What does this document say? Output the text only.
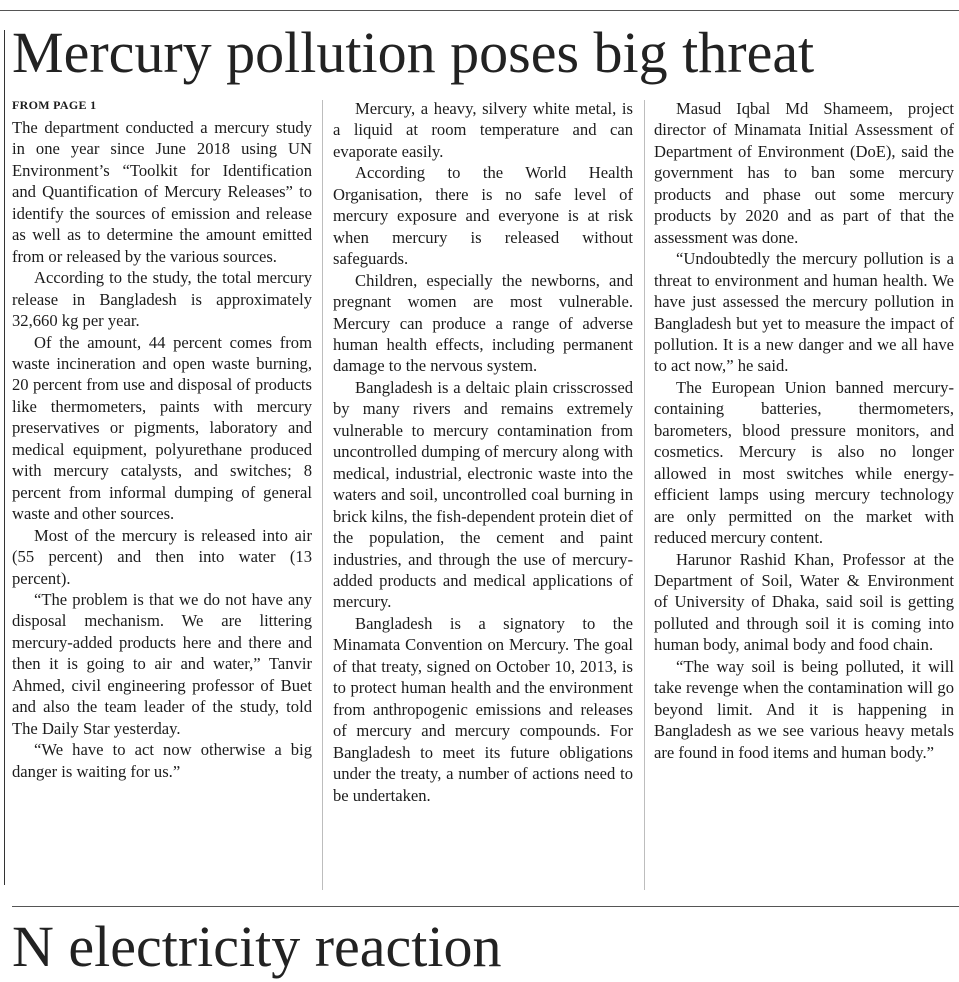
Mercury pollution poses big threat
FROM PAGE 1

The department conducted a mercury study in one year since June 2018 using UN Environment’s “Toolkit for Identification and Quantification of Mercury Releases” to identify the sources of emission and release as well as to determine the amount emitted from or released by the various sources.

According to the study, the total mercury release in Bangladesh is approximately 32,660 kg per year.

Of the amount, 44 percent comes from waste incineration and open waste burning, 20 percent from use and disposal of products like thermometers, paints with mercury preservatives or pigments, laboratory and medical equipment, polyurethane produced with mercury catalysts, and switches; 8 percent from informal dumping of general waste and other sources.

Most of the mercury is released into air (55 percent) and then into water (13 percent).

“The problem is that we do not have any disposal mechanism. We are littering mercury-added products here and there and then it is going to air and water,” Tanvir Ahmed, civil engineering professor of Buet and also the team leader of the study, told The Daily Star yesterday.

“We have to act now otherwise a big danger is waiting for us.”

Mercury, a heavy, silvery white metal, is a liquid at room temperature and can evaporate easily.

According to the World Health Organisation, there is no safe level of mercury exposure and everyone is at risk when mercury is released without safeguards.

Children, especially the newborns, and pregnant women are most vulnerable. Mercury can produce a range of adverse human health effects, including permanent damage to the nervous system.

Bangladesh is a deltaic plain crisscrossed by many rivers and remains extremely vulnerable to mercury contamination from uncontrolled dumping of mercury along with medical, industrial, electronic waste into the waters and soil, uncontrolled coal burning in brick kilns, the fish-dependent protein diet of the population, the cement and paint industries, and through the use of mercury-added products and medical applications of mercury.

Bangladesh is a signatory to the Minamata Convention on Mercury. The goal of that treaty, signed on October 10, 2013, is to protect human health and the environment from anthropogenic emissions and releases of mercury and mercury compounds. For Bangladesh to meet its future obligations under the treaty, a number of actions need to be undertaken.

Masud Iqbal Md Shameem, project director of Minamata Initial Assessment of Department of Environment (DoE), said the government has to ban some mercury products and phase out some mercury products by 2020 and as part of that the assessment was done.

“Undoubtedly the mercury pollution is a threat to environment and human health. We have just assessed the mercury pollution in Bangladesh but yet to measure the impact of pollution. It is a new danger and we all have to act now,” he said.

The European Union banned mercury-containing batteries, thermometers, barometers, blood pressure monitors, and cosmetics. Mercury is also no longer allowed in most switches while energy-efficient lamps using mercury technology are only permitted on the market with reduced mercury content.

Harunor Rashid Khan, Professor at the Department of Soil, Water & Environment of University of Dhaka, said soil is getting polluted and through soil it is coming into human body, animal body and food chain.

“The way soil is being polluted, it will take revenge when the contamination will go beyond limit. And it is happening in Bangladesh as we see various heavy metals are found in food items and human body.”

N electricity reaction
